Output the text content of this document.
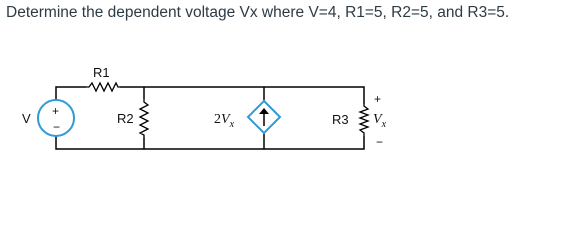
Determine the dependent voltage Vx where V=4, R1=5, R2=5, and R3=5.
R1
R2	R3
+
$V_x$
−
+
−
V	$2V_x$
